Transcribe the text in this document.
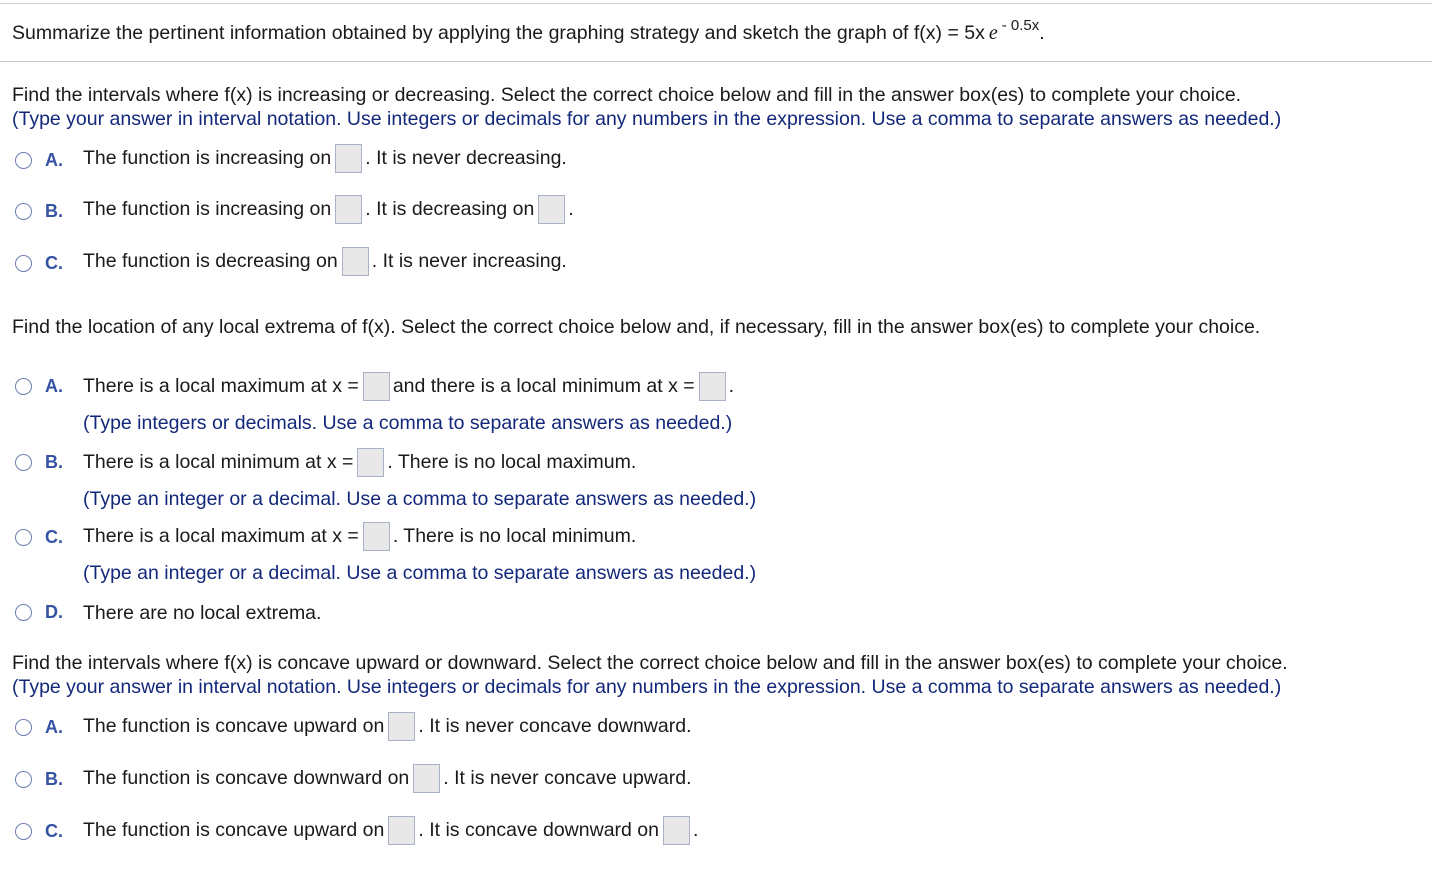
Summarize the pertinent information obtained by applying the graphing strategy and sketch the graph of f(x) = 5x e $^{- 0.5x}$.
Find the intervals where f(x) is increasing or decreasing. Select the correct choice below and fill in the answer box(es) to complete your choice.
(Type your answer in interval notation. Use integers or decimals for any numbers in the expression. Use a comma to separate answers as needed.)
A. The function is increasing on . It is never decreasing.
B. The function is increasing on . It is decreasing on .
C. The function is decreasing on . It is never increasing.
Find the location of any local extrema of f(x). Select the correct choice below and, if necessary, fill in the answer box(es) to complete your choice.
A. There is a local maximum at x = and there is a local minimum at x = .
(Type integers or decimals. Use a comma to separate answers as needed.)
B. There is a local minimum at x = . There is no local maximum.
(Type an integer or a decimal. Use a comma to separate answers as needed.)
C. There is a local maximum at x = . There is no local minimum.
(Type an integer or a decimal. Use a comma to separate answers as needed.)
D. There are no local extrema.
Find the intervals where f(x) is concave upward or downward. Select the correct choice below and fill in the answer box(es) to complete your choice.
(Type your answer in interval notation. Use integers or decimals for any numbers in the expression. Use a comma to separate answers as needed.)
A. The function is concave upward on . It is never concave downward.
B. The function is concave downward on . It is never concave upward.
C. The function is concave upward on . It is concave downward on .
